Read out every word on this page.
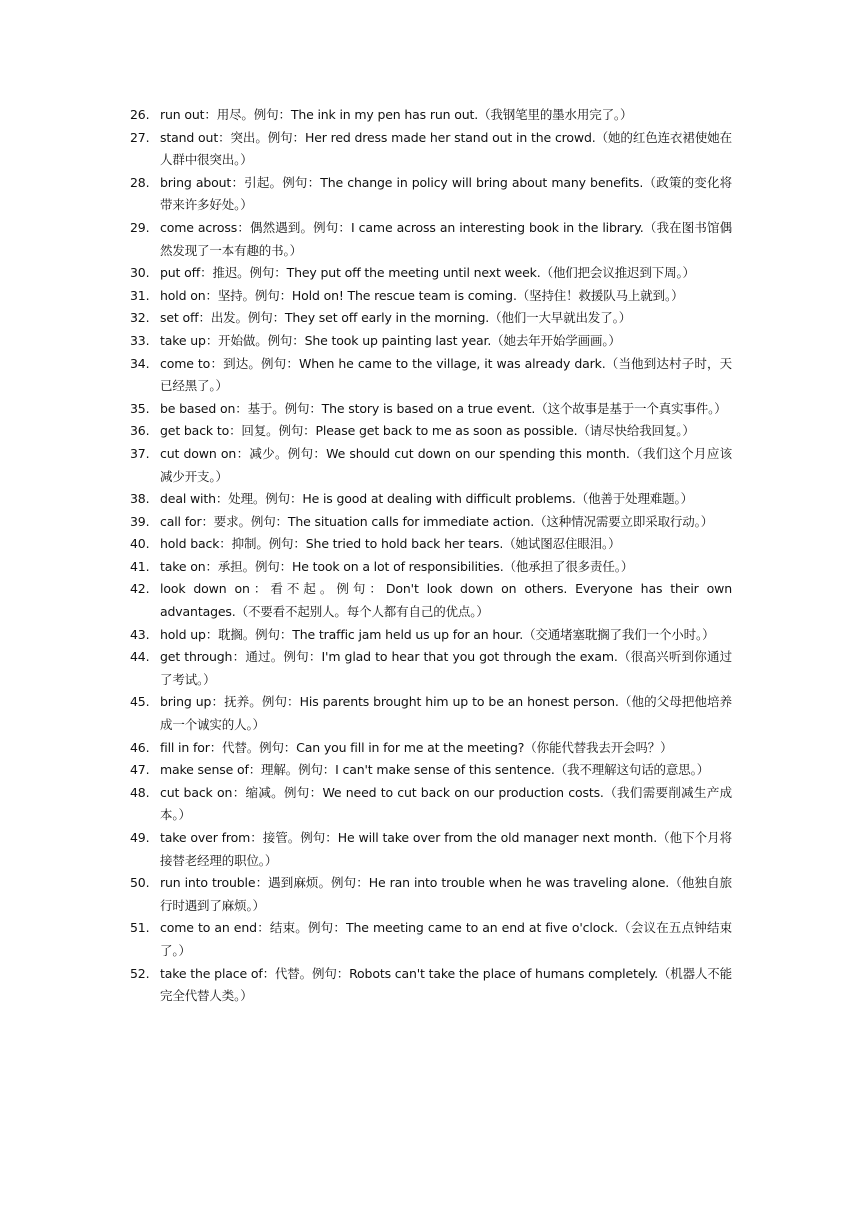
26. run out：用尽。例句：The ink in my pen has run out.（我钢笔里的墨水用完了。）
27. stand out：突出。例句：Her red dress made her stand out in the crowd.（她的红色连衣裙使她在人群中很突出。）
28. bring about：引起。例句：The change in policy will bring about many benefits.（政策的变化将带来许多好处。）
29. come across：偶然遇到。例句：I came across an interesting book in the library.（我在图书馆偶然发现了一本有趣的书。）
30. put off：推迟。例句：They put off the meeting until next week.（他们把会议推迟到下周。）
31. hold on：坚持。例句：Hold on! The rescue team is coming.（坚持住！救援队马上就到。）
32. set off：出发。例句：They set off early in the morning.（他们一大早就出发了。）
33. take up：开始做。例句：She took up painting last year.（她去年开始学画画。）
34. come to：到达。例句：When he came to the village, it was already dark.（当他到达村子时，天已经黑了。）
35. be based on：基于。例句：The story is based on a true event.（这个故事是基于一个真实事件。）
36. get back to：回复。例句：Please get back to me as soon as possible.（请尽快给我回复。）
37. cut down on：减少。例句：We should cut down on our spending this month.（我们这个月应该减少开支。）
38. deal with：处理。例句：He is good at dealing with difficult problems.（他善于处理难题。）
39. call for：要求。例句：The situation calls for immediate action.（这种情况需要立即采取行动。）
40. hold back：抑制。例句：She tried to hold back her tears.（她试图忍住眼泪。）
41. take on：承担。例句：He took on a lot of responsibilities.（他承担了很多责任。）
42. look down on：看不起。例句：Don't look down on others. Everyone has their own advantages.（不要看不起别人。每个人都有自己的优点。）
43. hold up：耽搁。例句：The traffic jam held us up for an hour.（交通堵塞耽搁了我们一个小时。）
44. get through：通过。例句：I'm glad to hear that you got through the exam.（很高兴听到你通过了考试。）
45. bring up：抚养。例句：His parents brought him up to be an honest person.（他的父母把他培养成一个诚实的人。）
46. fill in for：代替。例句：Can you fill in for me at the meeting?（你能代替我去开会吗？）
47. make sense of：理解。例句：I can't make sense of this sentence.（我不理解这句话的意思。）
48. cut back on：缩减。例句：We need to cut back on our production costs.（我们需要削减生产成本。）
49. take over from：接管。例句：He will take over from the old manager next month.（他下个月将接替老经理的职位。）
50. run into trouble：遇到麻烦。例句：He ran into trouble when he was traveling alone.（他独自旅行时遇到了麻烦。）
51. come to an end：结束。例句：The meeting came to an end at five o'clock.（会议在五点钟结束了。）
52. take the place of：代替。例句：Robots can't take the place of humans completely.（机器人不能完全代替人类。）
